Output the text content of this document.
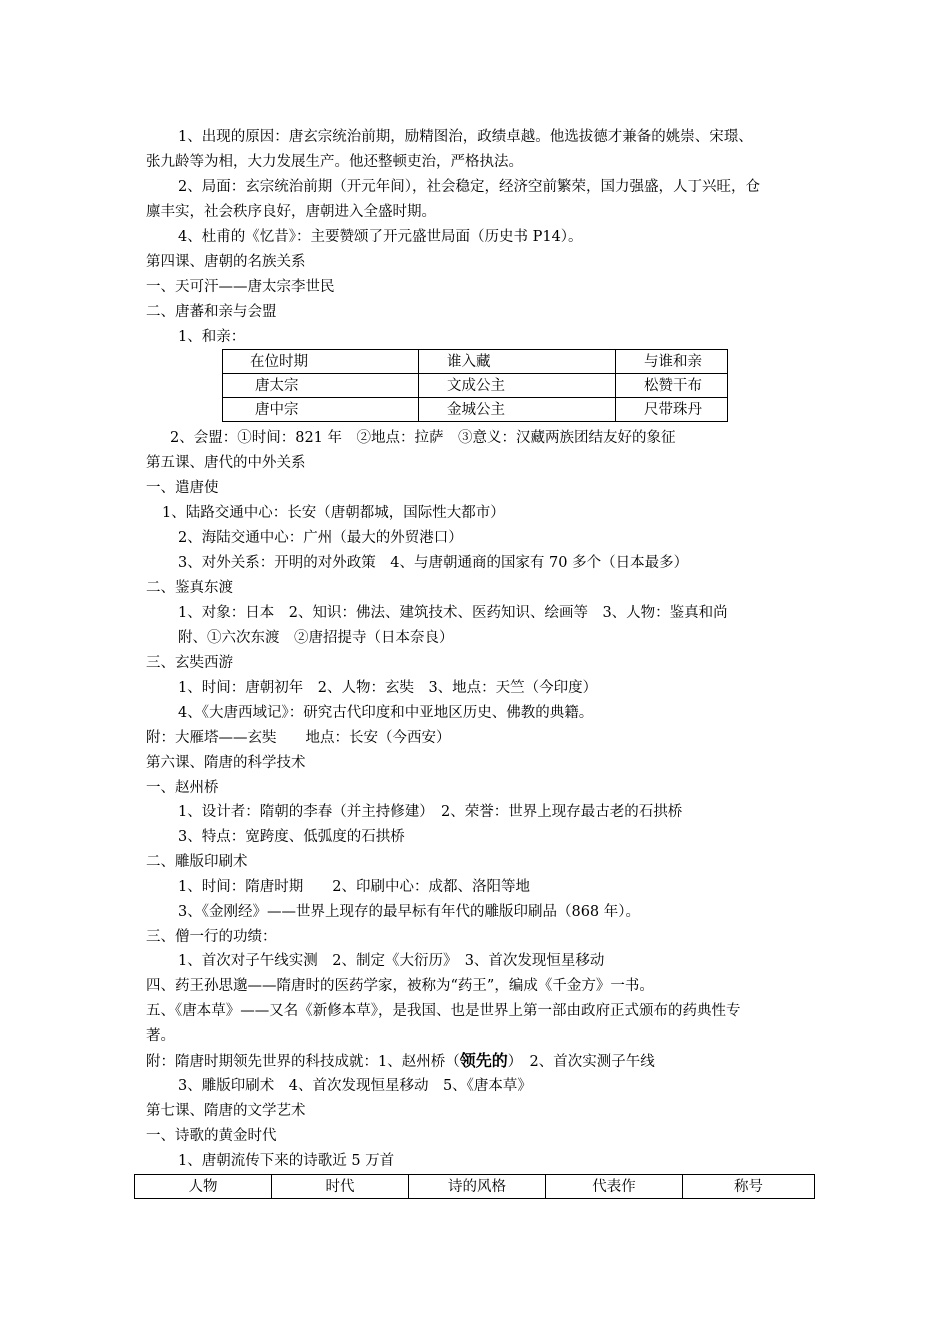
1、出现的原因：唐玄宗统治前期，励精图治，政绩卓越。他选拔德才兼备的姚崇、宋璟、
张九龄等为相，大力发展生产。他还整顿吏治，严格执法。
2、局面：玄宗统治前期（开元年间），社会稳定，经济空前繁荣，国力强盛，人丁兴旺，仓
廪丰实，社会秩序良好，唐朝进入全盛时期。
4、杜甫的《忆昔》：主要赞颂了开元盛世局面（历史书 P14）。
第四课、唐朝的名族关系
一、天可汗——唐太宗李世民
二、唐蕃和亲与会盟
1、和亲：
在位时期	谁入藏	与谁和亲
唐太宗	文成公主	松赞干布
唐中宗	金城公主	尺带珠丹
2、会盟：①时间：821 年　②地点：拉萨　③意义：汉藏两族团结友好的象征
第五课、唐代的中外关系
一、遣唐使
1、陆路交通中心：长安（唐朝都城，国际性大都市）
2、海陆交通中心：广州（最大的外贸港口）
3、对外关系：开明的对外政策　4、与唐朝通商的国家有 70 多个（日本最多）
二、鉴真东渡
1、对象：日本　2、知识：佛法、建筑技术、医药知识、绘画等　3、人物：鉴真和尚
附、①六次东渡　②唐招提寺（日本奈良）
三、玄奘西游
1、时间：唐朝初年　2、人物：玄奘　3、地点：天竺（今印度）
4、《大唐西域记》：研究古代印度和中亚地区历史、佛教的典籍。
附：大雁塔——玄奘　　地点：长安（今西安）
第六课、隋唐的科学技术
一、赵州桥
1、设计者：隋朝的李春（并主持修建）　2、荣誉：世界上现存最古老的石拱桥
3、特点：宽跨度、低弧度的石拱桥
二、雕版印刷术
1、时间：隋唐时期　　2、印刷中心：成都、洛阳等地
3、《金刚经》——世界上现存的最早标有年代的雕版印刷品（868 年）。
三、僧一行的功绩：
1、首次对子午线实测　2、制定《大衍历》　3、首次发现恒星移动
四、药王孙思邈——隋唐时的医药学家，被称为“药王”，编成《千金方》一书。
五、《唐本草》——又名《新修本草》，是我国、也是世界上第一部由政府正式颁布的药典性专
著。
附：隋唐时期领先世界的科技成就：1、赵州桥（领先的）　2、首次实测子午线
3、雕版印刷术　4、首次发现恒星移动　5、《唐本草》
第七课、隋唐的文学艺术
一、诗歌的黄金时代
1、唐朝流传下来的诗歌近 5 万首
人物	时代	诗的风格	代表作	称号
